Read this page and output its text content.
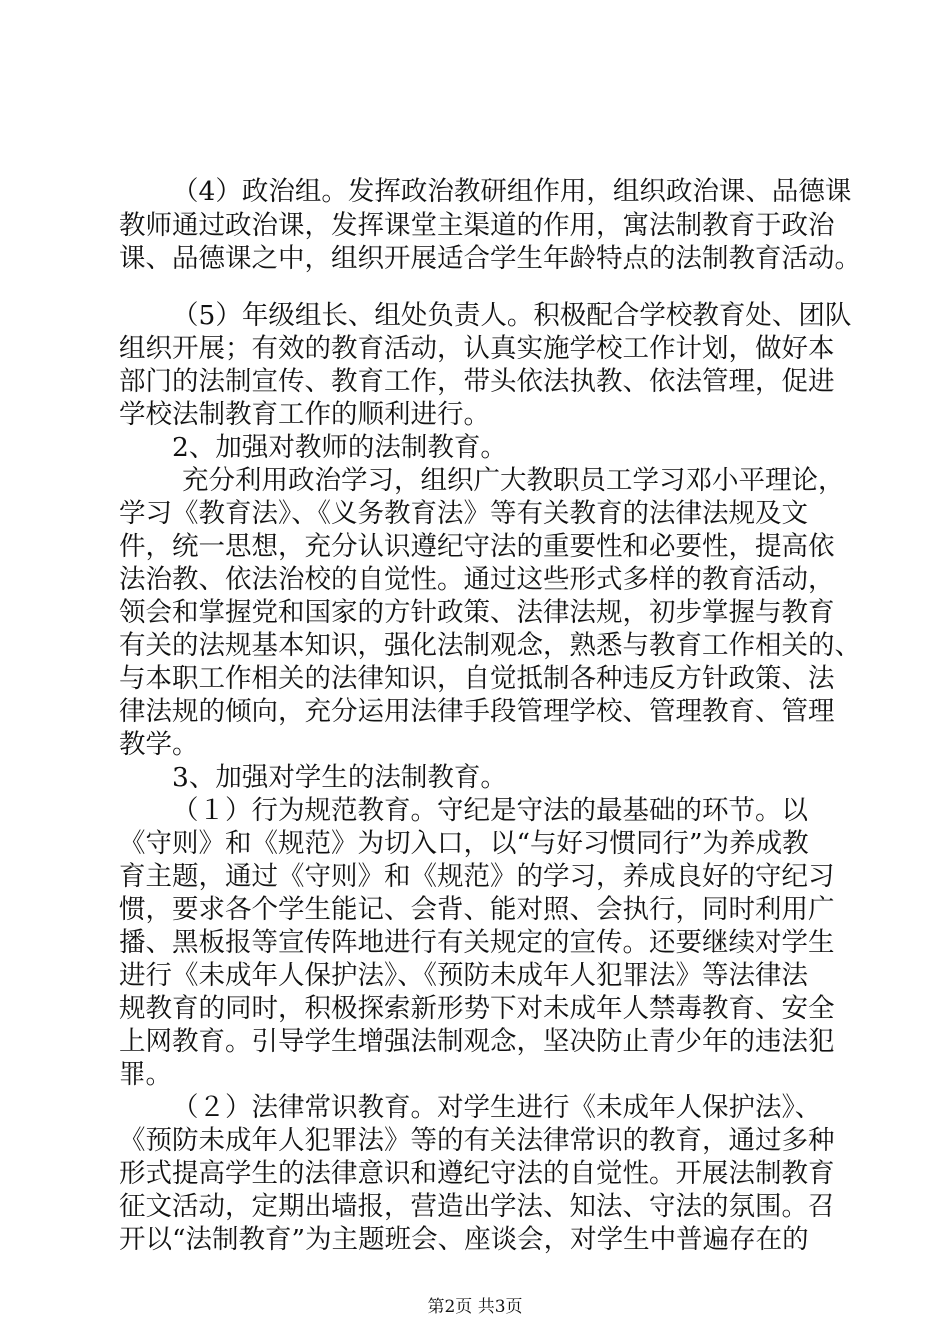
（4）政治组。发挥政治教研组作用，组织政治课、品德课
教师通过政治课，发挥课堂主渠道的作用，寓法制教育于政治
课、品德课之中，组织开展适合学生年龄特点的法制教育活动。
（5）年级组长、组处负责人。积极配合学校教育处、团队
组织开展；有效的教育活动，认真实施学校工作计划，做好本
部门的法制宣传、教育工作，带头依法执教、依法管理，促进
学校法制教育工作的顺利进行。
2、加强对教师的法制教育。
充分利用政治学习，组织广大教职员工学习邓小平理论，
学习《教育法》、《义务教育法》等有关教育的法律法规及文
件，统一思想，充分认识遵纪守法的重要性和必要性，提高依
法治教、依法治校的自觉性。通过这些形式多样的教育活动，
领会和掌握党和国家的方针政策、法律法规，初步掌握与教育
有关的法规基本知识，强化法制观念，熟悉与教育工作相关的、
与本职工作相关的法律知识，自觉抵制各种违反方针政策、法
律法规的倾向，充分运用法律手段管理学校、管理教育、管理
教学。
3、加强对学生的法制教育。
（１）行为规范教育。守纪是守法的最基础的环节。以
《守则》和《规范》为切入口，以“与好习惯同行”为养成教
育主题，通过《守则》和《规范》的学习，养成良好的守纪习
惯，要求各个学生能记、会背、能对照、会执行，同时利用广
播、黑板报等宣传阵地进行有关规定的宣传。还要继续对学生
进行《未成年人保护法》、《预防未成年人犯罪法》等法律法
规教育的同时，积极探索新形势下对未成年人禁毒教育、安全
上网教育。引导学生增强法制观念，坚决防止青少年的违法犯
罪。
（２）法律常识教育。对学生进行《未成年人保护法》、
《预防未成年人犯罪法》等的有关法律常识的教育，通过多种
形式提高学生的法律意识和遵纪守法的自觉性。开展法制教育
征文活动，定期出墙报，营造出学法、知法、守法的氛围。召
开以“法制教育”为主题班会、座谈会，对学生中普遍存在的
第2页 共3页
